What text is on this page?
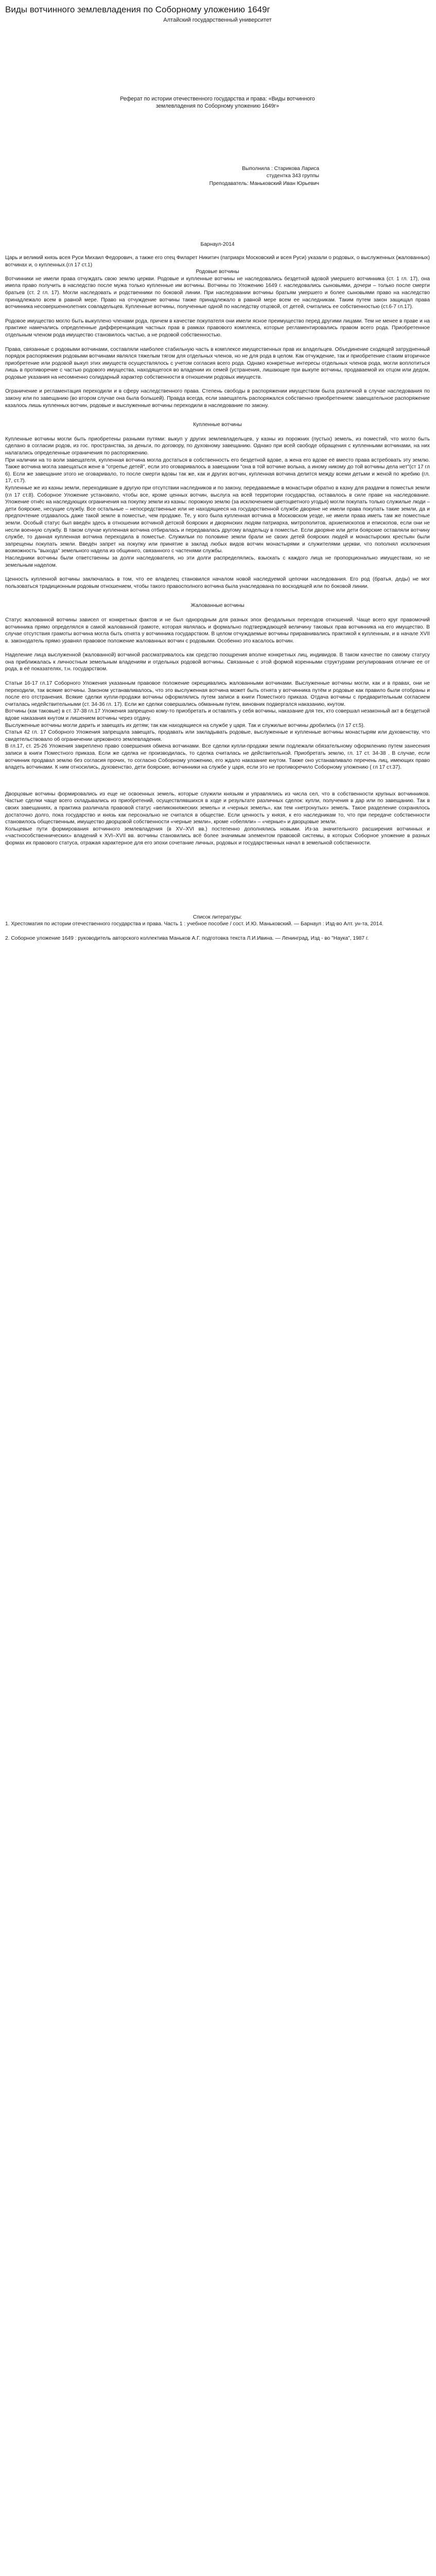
Виды вотчинного землевладения по Соборному уложению 1649г
Алтайский государственный университет
Реферат по истории отечественного государства и права: «Виды вотчинного
землевладения по Соборному уложению 1649г»
Выполнила : Старикова Лариса
студентка 343 группы
Преподаватель: Маньковский Иван Юрьевич
Барнаул-2014

Царь и великий князь всея Руси Михаил Федорович, а также его отец Филарет Никитич (патриарх Московский и всея Руси) указали о родовых, о выслуженных (жалованных) вотчинах и, о купленных.(гл 17 ст.1)

Родовые вотчины

Вотчинники не имели права отчуждать свою землю церкви. Родовые и купленные вотчины не наследовались бездетной вдовой умершего вотчинника (ст. 1 гл. 17), она имела право получить в наследство после мужа только купленные им вотчины. Вотчины по Уложению 1649 г. наследовались сыновьями, дочери – только после смерти братьев (ст. 2 гл. 17). Могли наследовать и родственники по боковой линии. При наследовании вотчины братьям умершего и более сыновьями право на наследство принадлежало всем в равной мере. Право на отчуждение вотчины также принадлежало в равной мере всем ее наследникам. Таким путем закон защищал права вотчинника несовершеннолетних совладельцев. Купленные вотчины, полученные одной по наследству отцовой, от детей, считались ее собственностью (ст.6-7 гл.17).

Родовое имущество могло быть выкуплено членами рода, причем в качестве покупателя они имели ясное преимущество перед другими лицами. Тем не менее в праве и на практике намечались определенные дифференциация частных прав в рамках правового комплекса, которые регламентировались правом всего рода. Приобретенное отдельным членом рода имущество становилось частью, а не родовой собственностью.

Права, связанные с родовыми вотчинами, составляли наиболее стабильную часть в комплексе имущественных прав их владельцев. Объединение сходящей затрудненный порядок распоряжения родовыми вотчинами являлся тяжелым тягом для отдельных членов, но не для рода в целом. Как отчуждение, так и приобретение стаким вторичное приобретение или родовой выкуп этих имуществ осуществлялось с учетом согласия всего рода. Однако конкретные интересы отдельных членов рода, могли воплотиться лишь в противоречие с частью родового имущества, находящегося во владении их семей (устранения, лишающие при выкупе вотчины, продаваемой их отцом или дедом, родовые указания на несомненно солидарный характер собственности в отношении родовых имуществ.

Ограничение и регламентация переходили и в сферу наследственного права. Степень свободы в распоряжении имуществом была различной в случае наследования по закону или по завещанию (во втором случае она была большей). Правда всегда, если завещатель распоряжался собственно приобретением: завещательное распоряжение казалось лишь купленных вотчин, родовые и выслуженные вотчины переходили в наследование по закону.

Купленные вотчины

Купленные вотчины могли быть приобретены разными путями: выкуп у других землевладельцев, у казны из порожних (пустых) земель, из поместий, что могло быть сделано в согласии родов, из гос. пространства, за деньги, по договору, по духовному завещанию. Однако при всей свободе обращения с купленными вотчинами, на них налагались определенные ограничения по распоряжению.

При наличии на то воли завещателя, купленная вотчина могла достаться в собственность его бездетной вдове, а жена его вдове её вместо права встребовать эту землю. Также вотчина могла завещаться жене в "отрепье детей", если это оговаривалось в завещании "она в той вотчине вольна, а иному никому до той вотчины дела нет"(ст 17 гл 6). Если же завещание этого не оговаривало, то после смерти вдовы так же, как и других вотчин, купленная вотчина делится между всеми детьми и женой по жребию (гл. 17, ст.7).

Купленные же из казны земли, переходившие в другую при отсутствии наследников и по закону, передаваемые в монастыри обратно в казну для раздачи в поместья земли (гл 17 ст.8). Соборное Уложение установило, чтобы все, кроме ценных вотчин, выслуга на всей территории государства, оставалось в силе праве на наследование. Уложение отнёс на наследующих ограничения на покупку земли из казны: порожную землю (за исключением цветоцветного угодья) могли покупать только служилые люди – дети боярские, несущие службу. Все остальные – непосредственные или не находящиеся на государственной службе дворяне не имели права покупать такие земли, да и предпочтение отдавалось даже такой земле в поместье, чем продаже. Те, у кого была купленная вотчина в Московском уезде, не имели права иметь там же поместные земли. Особый статус был введён здесь в отношении вотчиной детской боярских и дворянских людям патриарха, митрополитов, архиепископов и епископов, если они не несли военную службу. В таком случае купленная вотчина отбиралась и передавалась другому владельцу в поместье. Если дворяне или дети боярские оставляли вотчину службе, то данная купленная вотчина переходила в поместье. Служилыи по половине земли брали не своих детей боярских людей и монастырских крестьян были запрещены покупать земли. Введён запрет на покупку или принятие в заклад любых видов вотчин монастырями и служителями церкви, что пополнял исключения возможность "выхода" земельного надела из общиннго, связанного с частенями службы.

Наследники вотчины были ответственны за долги наследователя, но эти долги распределялись, взыскать с каждого лица не пропорционально имуществам, но не земельным наделом.

Ценность купленной вотчины заключалась в том, что ее владелец становился началом новой наследуемой цепочки наследования. Его род (братья, деды) не мог пользоваться традиционным родовым отношением, чтобы такого правосполного вотчина была унаследована по восходящей или по боковой линии.

Жалованные вотчины

Статус жалованной вотчины зависел от конкретных фактов и не был однородным для разных эпох феодальных переходов отношений. Чаще всего круг правомочий вотчинника прямо определялся в самой жалованной грамоте, которая являлась и формально подтверждающей величину таковых прав вотчинника на его имущество. В случае отсутствия грамоты вотчина могла быть отнята у вотчинника государством. В целом отчуждаемые вотчины приравнивались практикой к купленным, и в начале XVII в. законодатель прямо уравнял правовое положение жалованных вотчин с родовыми. Особенно это касалось вотчин.

Наделение лица выслуженной (жалованной) вотчиной рассматривалось как средство поощрения вполне конкретных лиц, индивидов. В таком качестве по самому статусу она приближалась к личностным земельным владениям и отдельных родовой вотчины. Связанные с этой формой коренными структурами регулирования отличие ее от рода, в её показателях, т.н. государством.

Статьи 16-17 гл.17 Соборного Уложения указанным правовое положение окрещивались жалованными вотчинами. Выслуженные вотчины могли, как и в правах, они не переходили, так всякие вотчины. Законом устанавливалось, что это выслуженная вотчина может быть отнята у вотчинника путём и родовые как правило были отобраны и после его отстранения. Всякие сделки купли-продажи вотчины оформлялись путем записи в книги Поместного приказа. Отдача вотчины с предварительным согласием считалась недействительными (ст. 34-36 гл. 17). Если же сделки совершались обманным путем, виновник подвергался наказанию, кнутом.

Вотчины (как таковые) в ст. 37-38 гл.17 Уложения запрещено кому-то приобретать и оставлять у себя вотчины, наказание для тех, кто совершал незаконный акт в бездетной вдове наказания кнутом и лишением вотчины через отдачу.

Выслуженные вотчины могли дарить и завещать их детям; так как находящиеся на службе у царя. Так и служилые вотчины дробились (гл 17 ст.5).

Статья 42 гл. 17 Соборного Уложения запрещала завещать, продавать или закладывать родовые, выслуженные и купленные вотчины монастырям или духовенству, что свидетельствовало об ограничении церковного землевладения.

В гл.17, ст. 25-26 Уложения закреплено право совершения обмена вотчинами. Все сделки купли-продажи земли подлежали обязательному оформлению путем занесения записи в книги Поместного приказа. Если же сделка не производилась, то сделка считалась не действительной. Приобретать землю, гл. 17 ст. 34-38 . В случае, если вотчинник продавал землю без согласия прочих, то согласно Соборному уложению, его ждало наказание кнутом. Также оно устанавливало перечень лиц, имеющих право владеть вотчинами. К ним относились, духовенство, дети боярские, вотчинники на службе у царя, если это не противоречило Соборному уложению ( гл 17 ст.37).

Дворцовые вотчины формировались из еще не освоенных земель, которые служили князьям и управлялись из числа сел, что в собственности крупных вотчинников. Частые сделки чаще всего складывались из приобретений, осуществлявшихся в ходе и результате различных сделок: купли, получения в дар или по завещанию. Так в своих завещаниях, а практика различала правовой статус «великокняжеских земель» и «черных земель», как тем «нетронутых» земель. Такое разделение сохранялось достаточно долго, пока государство и князь как персонально не считался в обществе. Если ценность у князя, к его наследникам то, что при передаче собственности становилось общественным, имущество дворцовой собственности «черные земли», кроме «обеляли» – «черные» и дворцовые земли.

Кольцевые пути формирования вотчинного землевладения (в XV–XVI вв.) постепенно дополнялись новыми. Из-за значительного расширения вотчинных и «частнособственнических» владений к XVI–XVII вв. вотчины становились всё более значимым элементом правовой системы, в которых Соборное уложение в разных формах их правового статуса, отражая характерное для его эпохи сочетание личных, родовых и государственных начал в земельной собственности.

Список литературы:

1. Хрестоматия по истории отечественного государства и права. Часть 1 : учебное пособие / сост. И.Ю. Маньковский. — Барнаул : Изд-во Алт. ун-та, 2014.

2. Соборное уложение 1649 : руководитель авторского коллектива Маньков А.Г. подготовка текста Л.И.Ивина. — Ленинград, Изд - во "Наука", 1987 г.
